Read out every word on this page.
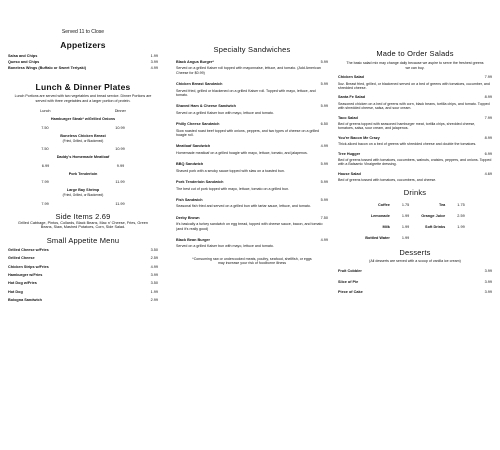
Served 11 to Close
Appetizers
Salsa and Chips	1.99
Queso and Chips	3.99
Boneless Wings (Buffalo or Sweet Teriyaki)	4.99
Lunch & Dinner Plates
Lunch Portions are served with two vegetables and bread service. Dinner Portions are served with three vegetables and a larger portion of protein.
Lunch	Dinner
Hamburger Steak* w/Grilled Onions
7.50	10.99
Boneless Chicken Breast
(Fried, Grilled, or Blackened)
7.50	10.99
Daddy's Homemade Meatloaf
6.99	9.99
Pork Tenderloin
7.99	11.99
Large Bay Shrimp
(Fried, Grilled, or Blackened)
7.99	11.99
Side Items 2.69
Grilled Cabbage, Pintos, Collards, Black Beans, Mac n' Cheese, Fries, Green Beans, Slaw, Mashed Potatoes, Corn, Side Salad.
Small Appetite Menu
Grilled Cheese w/Fries	3.50
Grilled Cheese	2.59
Chicken Strips w/Fries	4.99
Hamburger w/Fries	3.99
Hot Dog w/Fries	3.50
Hot Dog	1.99
Bologna Sandwich	2.99
Specialty Sandwiches
Black Angus Burger*	5.99
Served on a grilled Kaiser roll topped with mayonnaise, lettuce, and tomato. (Add American Cheese for $0.99)
Chicken Breast Sandwich	5.99
Served fried, grilled or blackened on a grilled Kaiser roll. Topped with mayo, lettuce, and tomato.
Shaved Ham & Cheese Sandwich	5.99
Served on a grilled Kaiser bun with mayo, lettuce and tomato.
Philly Cheese Sandwich	6.50
Slow roasted roast beef topped with onions, peppers, and two types of cheese on a grilled hoagie roll.
Meatloaf Sandwich	4.99
Homemade meatloaf on a grilled hoagie with mayo, lettuce, tomato, and jalapenos.
BBQ Sandwich	5.99
Shaved pork with a smoky sauce topped with slaw on a toasted bun.
Pork Tenderloin Sandwich	5.99
The best cut of pork topped with mayo, lettuce, tomato on a grilled bun.
Fish Sandwich	5.99
Seasonal fish fried and served on a grilled bun with tartar sauce, lettuce, and tomato.
Derby Brown	7.50
It's basically a turkey sandwich on egg bread, topped with cheese sauce, bacon, and tomato (and it's really good)
Black Bean Burger	4.99
Served on a grilled Kaiser bun with mayo, lettuce and tomato.
*Consuming raw or undercooked meats, poultry, seafood, shellfish, or eggs may increase your risk of foodborne illness
Made to Order Salads
The basic salad mix may change daily because we aspire to serve the freshest greens we can buy.
Chicken Salad	7.99
5oz. Breast fried, grilled, or blackened served on a bed of greens with tomatoes, cucumber, and shredded cheese.
Santa Fe Salad	8.99
Seasoned chicken on a bed of greens with corn, black beans, tortilla chips, and tomato. Topped with shredded cheese, salsa, and sour cream.
Taco Salad	7.99
Bed of greens topped with seasoned hamburger meat, tortilla chips, shredded cheese, tomatoes, salsa, sour cream, and jalapenos.
You're Bacon Me Crazy	8.99
Thick-sliced bacon on a bed of greens with shredded cheese and double the tomatoes.
Tree Hugger	6.99
Bed of greens tossed with tomatoes, cucumbers, walnuts, craisins, peppers, and onions. Topped with a Balsamic Vinaigrette dressing.
House Salad	4.69
Bed of greens tossed with tomatoes, cucumbers, and cheese.
Drinks
Coffee	1.75	Tea	1.75
Lemonade	1.99	Orange Juice	2.59
Milk	1.99	Soft Drinks	1.99
Bottled Water	1.99
Desserts
(All desserts are served with a scoop of vanilla ice cream)
Fruit Cobbler	3.99
Slice of Pie	3.99
Piece of Cake	3.99
